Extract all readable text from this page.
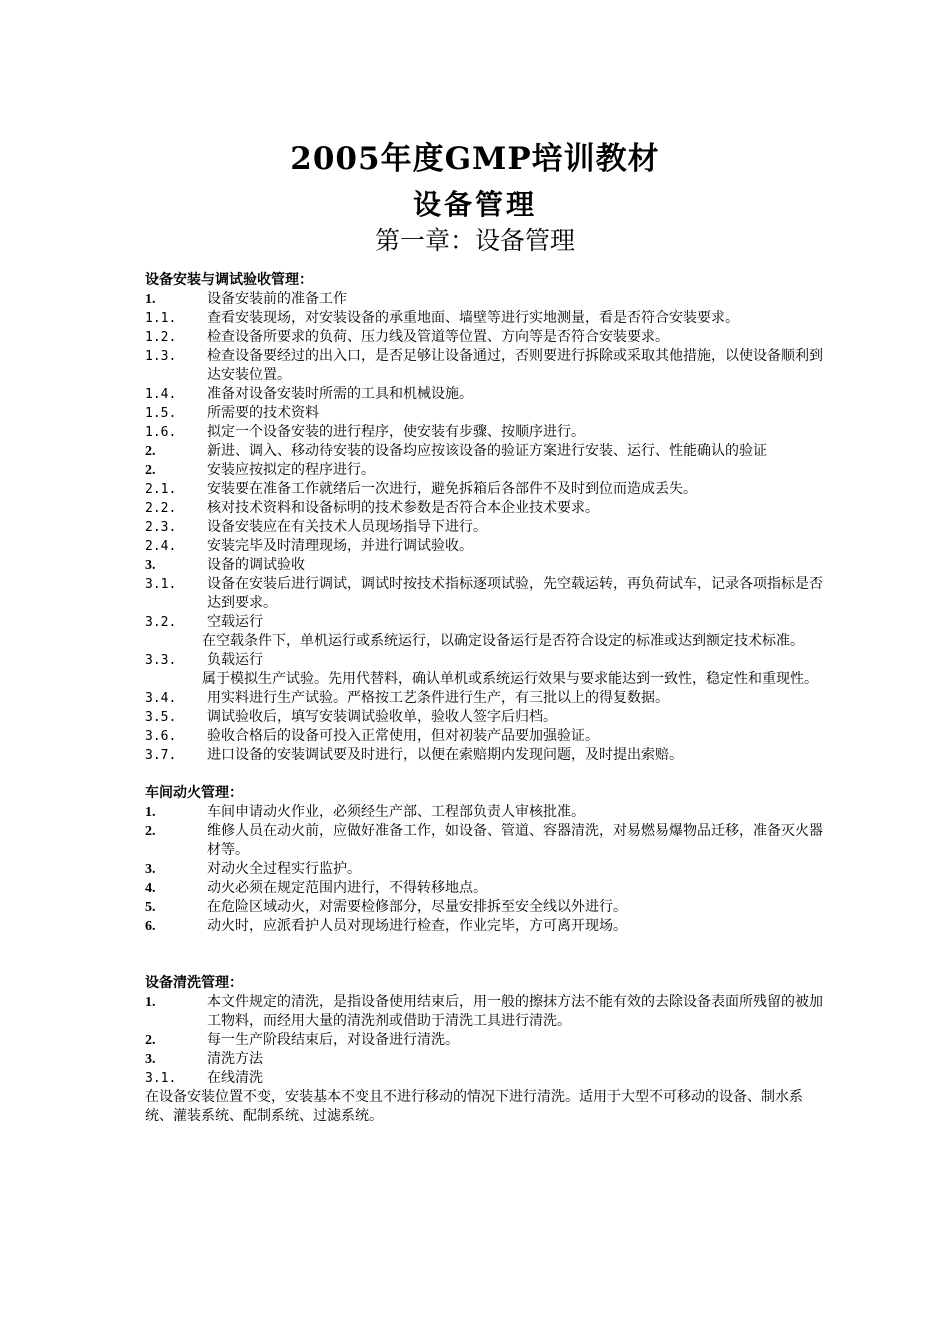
2005年度GMP培训教材
设备管理
第一章：设备管理
设备安装与调试验收管理：
1.	设备安装前的准备工作
1.1. 查看安装现场，对安装设备的承重地面、墙壁等进行实地测量，看是否符合安装要求。
1.2. 检查设备所要求的负荷、压力线及管道等位置、方向等是否符合安装要求。
1.3. 检查设备要经过的出入口，是否足够让设备通过，否则要进行拆除或采取其他措施，以使设备顺利到达安装位置。
1.4. 准备对设备安装时所需的工具和机械设施。
1.5. 所需要的技术资料
1.6. 拟定一个设备安装的进行程序，使安装有步骤、按顺序进行。
2.	新进、调入、移动待安装的设备均应按该设备的验证方案进行安装、运行、性能确认的验证
2.	安装应按拟定的程序进行。
2.1. 安装要在准备工作就绪后一次进行，避免拆箱后各部件不及时到位而造成丢失。
2.2. 核对技术资料和设备标明的技术参数是否符合本企业技术要求。
2.3. 设备安装应在有关技术人员现场指导下进行。
2.4. 安装完毕及时清理现场，并进行调试验收。
3.	设备的调试验收
3.1. 设备在安装后进行调试，调试时按技术指标逐项试验，先空载运转，再负荷试车，记录各项指标是否达到要求。
3.2. 空载运行
在空载条件下，单机运行或系统运行，以确定设备运行是否符合设定的标准或达到额定技术标准。
3.3. 负载运行
属于模拟生产试验。先用代替料，确认单机或系统运行效果与要求能达到一致性，稳定性和重现性。
3.4. 用实料进行生产试验。严格按工艺条件进行生产，有三批以上的得复数据。
3.5. 调试验收后，填写安装调试验收单，验收人签字后归档。
3.6. 验收合格后的设备可投入正常使用，但对初装产品要加强验证。
3.7. 进口设备的安装调试要及时进行，以便在索赔期内发现问题，及时提出索赔。
车间动火管理：
1.	车间申请动火作业，必须经生产部、工程部负责人审核批准。
2.	维修人员在动火前，应做好准备工作，如设备、管道、容器清洗，对易燃易爆物品迁移，准备灭火器材等。
3.	对动火全过程实行监护。
4.	动火必须在规定范围内进行，不得转移地点。
5.	在危险区域动火，对需要检修部分，尽量安排拆至安全线以外进行。
6.	动火时，应派看护人员对现场进行检查，作业完毕，方可离开现场。
设备清洗管理：
1.	本文件规定的清洗，是指设备使用结束后，用一般的擦抹方法不能有效的去除设备表面所残留的被加工物料，而经用大量的清洗剂或借助于清洗工具进行清洗。
2.	每一生产阶段结束后，对设备进行清洗。
3.	清洗方法
3.1. 在线清洗
在设备安装位置不变，安装基本不变且不进行移动的情况下进行清洗。适用于大型不可移动的设备、制水系统、灌装系统、配制系统、过滤系统。
